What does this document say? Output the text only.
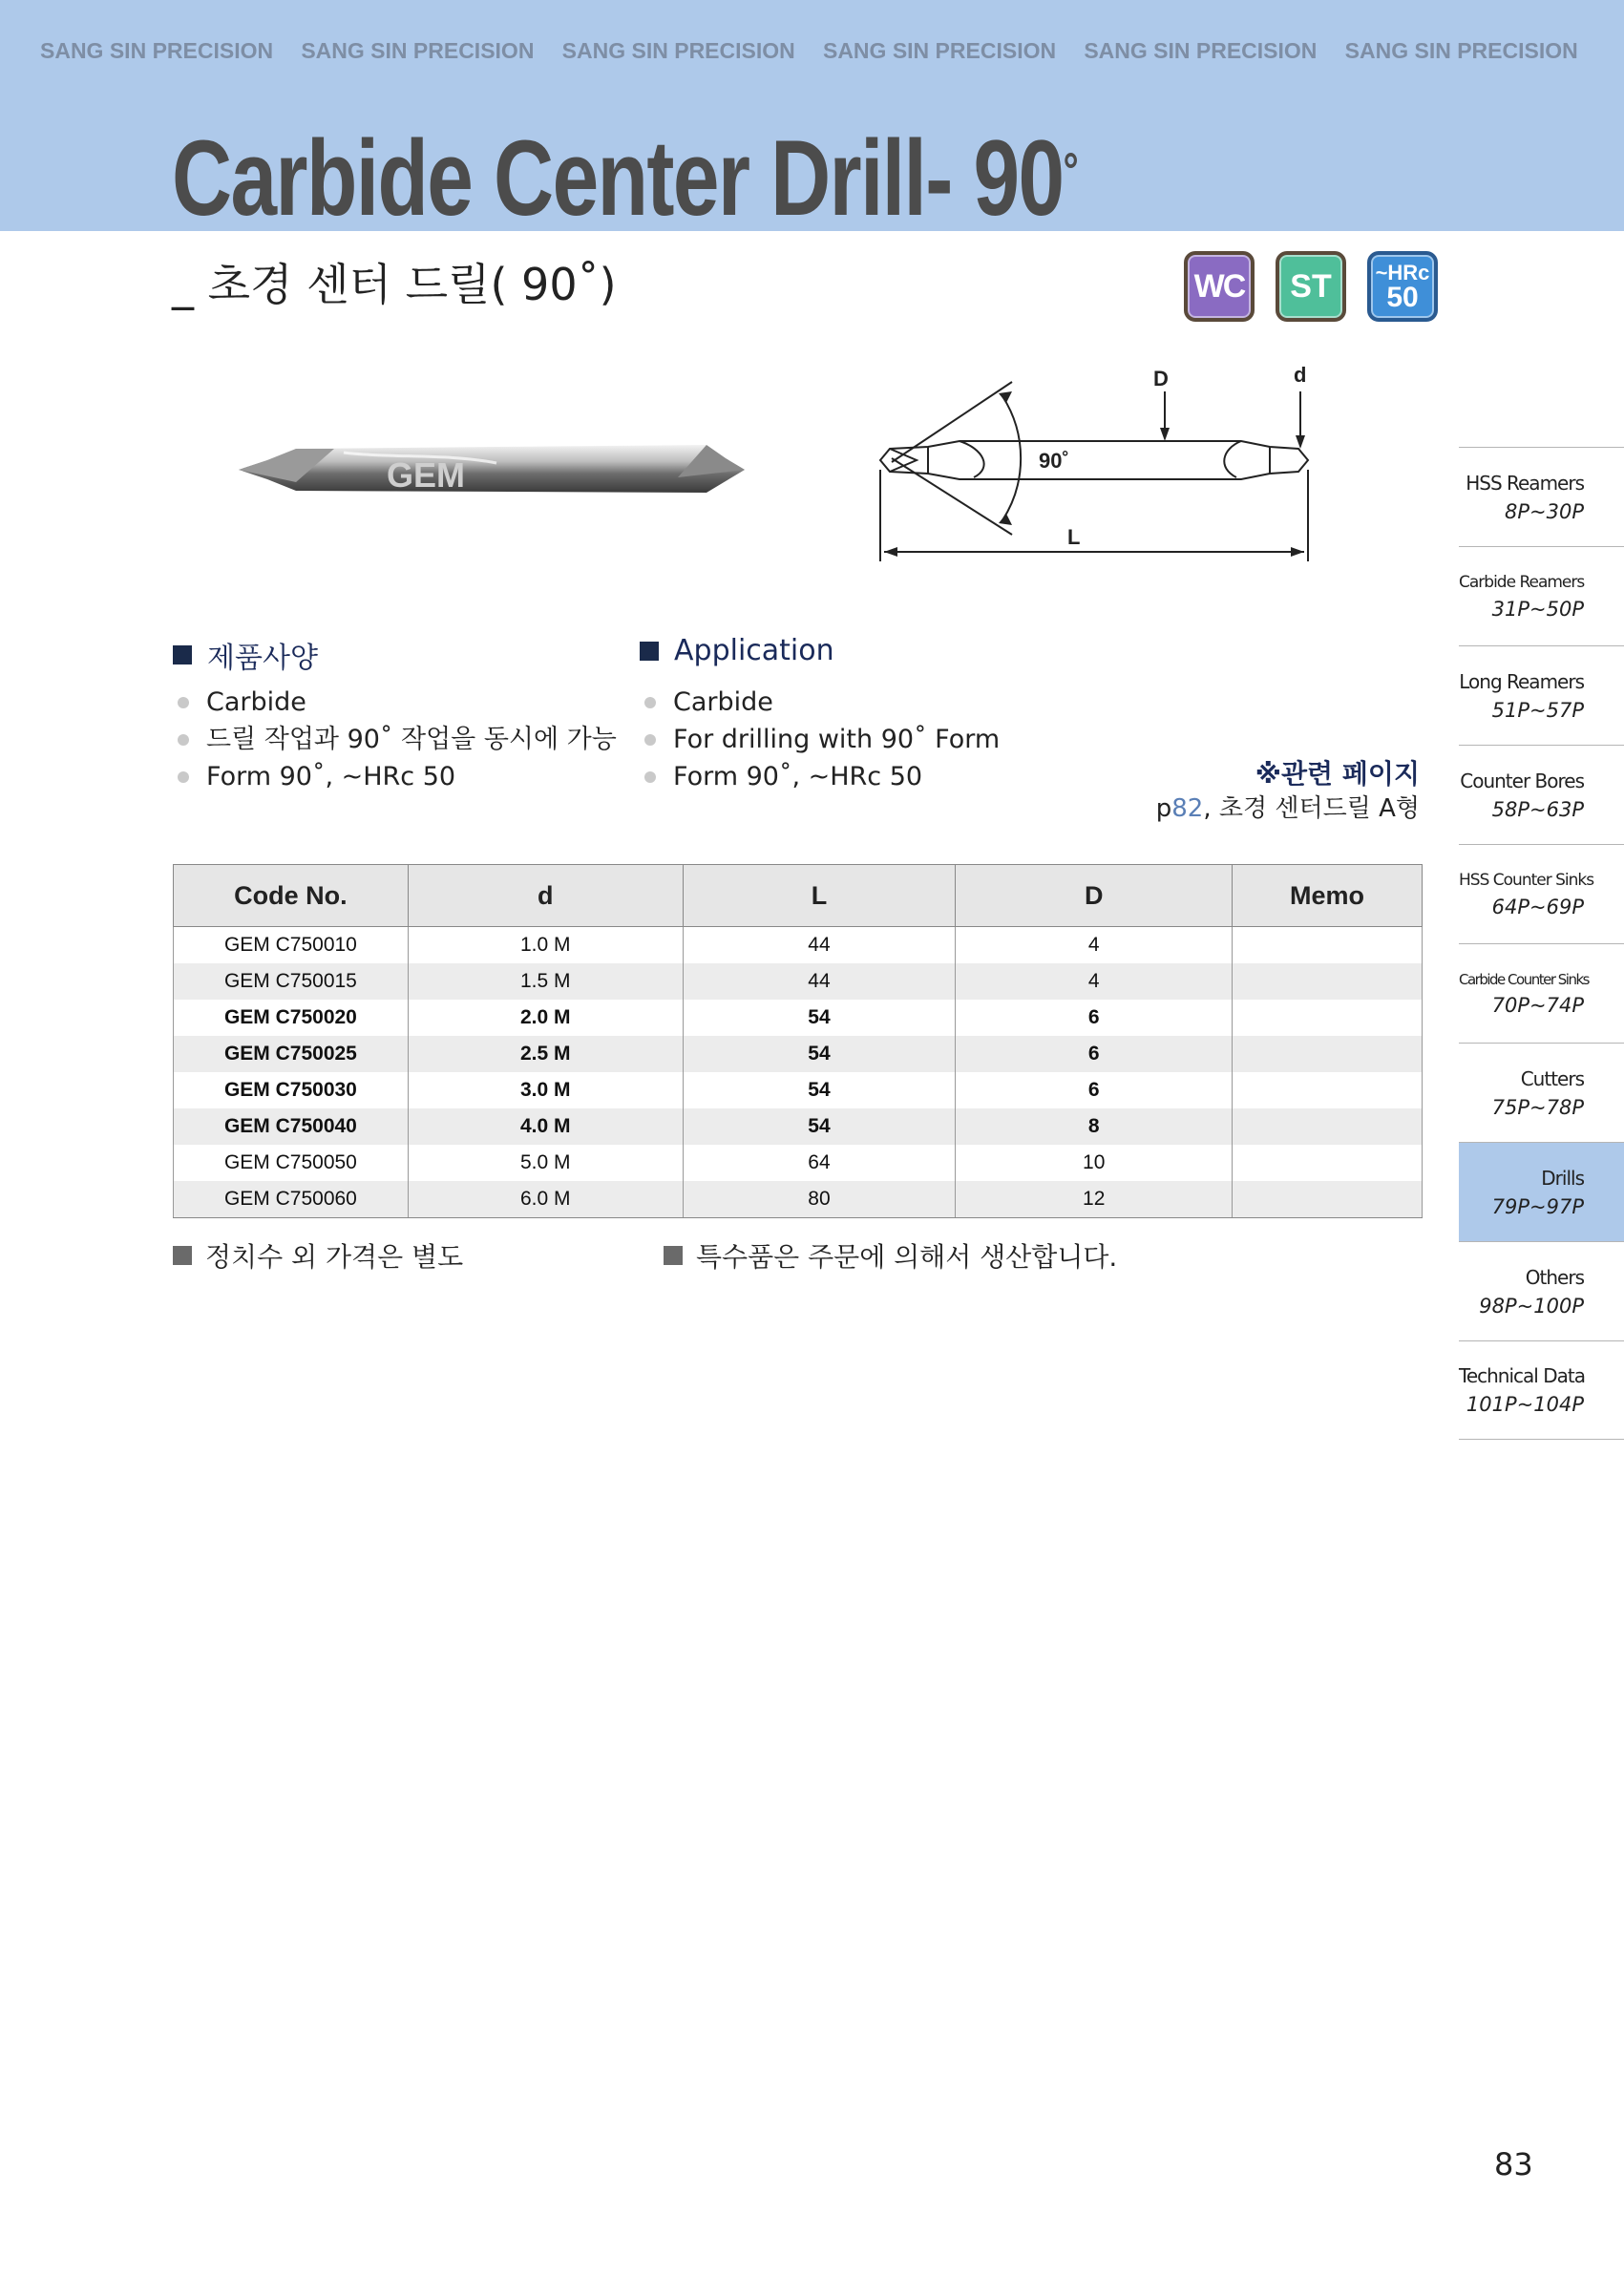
SANG SIN PRECISION	SANG SIN PRECISION	SANG SIN PRECISION	SANG SIN PRECISION	SANG SIN PRECISION	SANG SIN PRECISION
Carbide Center Drill- 90°
_ 초경 센터 드릴( 90˚)	WC	ST	~HRc
50
GEM
D	d
90˚
L
제품사양
Carbide
드릴 작업과 90˚ 작업을 동시에 가능
Form 90˚, ~HRc 50
Application
Carbide
For drilling with 90˚ Form
Form 90˚, ~HRc 50	※관련 페이지
p82, 초경 센터드릴 A형
Code No.	d	L	D	Memo
GEM C750010	1.0 M	44	4	
GEM C750015	1.5 M	44	4	
GEM C750020	2.0 M	54	6	
GEM C750025	2.5 M	54	6	
GEM C750030	3.0 M	54	6	
GEM C750040	4.0 M	54	8	
GEM C750050	5.0 M	64	10	
GEM C750060	6.0 M	80	12	
정치수 외 가격은 별도	특수품은 주문에 의해서 생산합니다.
HSS Reamers
8P~30P
Carbide Reamers
31P~50P
Long Reamers
51P~57P
Counter Bores
58P~63P
HSS Counter Sinks
64P~69P
Carbide Counter Sinks
70P~74P
Cutters
75P~78P
Drills
79P~97P
Others
98P~100P
Technical Data
101P~104P
83
